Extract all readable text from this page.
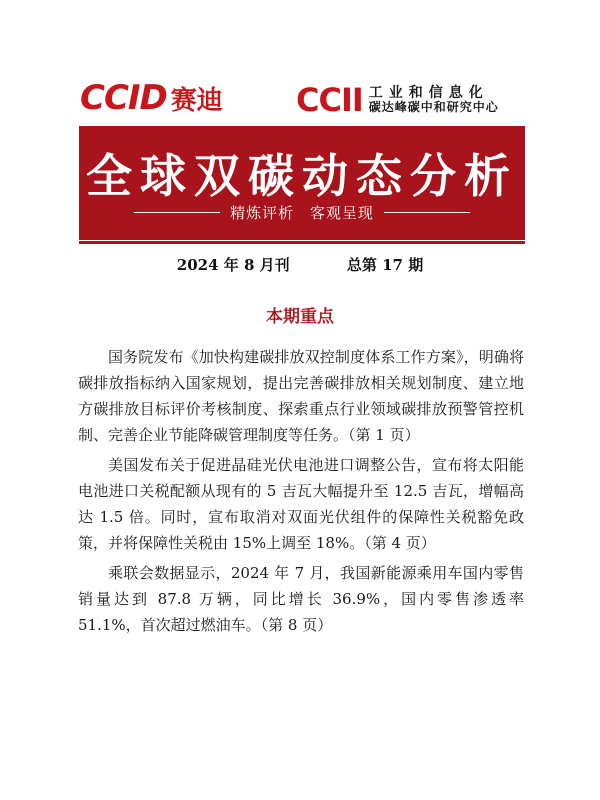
CCID 赛迪 CCII 工业和信息化
碳达峰碳中和研究中心
全球双碳动态分析
精炼评析 客观呈现
2024 年 8 月刊	总第 17 期
本期重点

国务院发布《加快构建碳排放双控制度体系工作方案》，明确将碳排放指标纳入国家规划，提出完善碳排放相关规划制度、建立地方碳排放目标评价考核制度、探索重点行业领域碳排放预警管控机制、完善企业节能降碳管理制度等任务。（第 1 页）

美国发布关于促进晶硅光伏电池进口调整公告，宣布将太阳能电池进口关税配额从现有的 5 吉瓦大幅提升至 12.5 吉瓦，增幅高达 1.5 倍。同时，宣布取消对双面光伏组件的保障性关税豁免政策，并将保障性关税由 15%上调至 18%。（第 4 页）

乘联会数据显示，2024 年 7 月，我国新能源乘用车国内零售销量达到 87.8 万辆，同比增长 36.9%，国内零售渗透率 51.1%，首次超过燃油车。（第 8 页）
